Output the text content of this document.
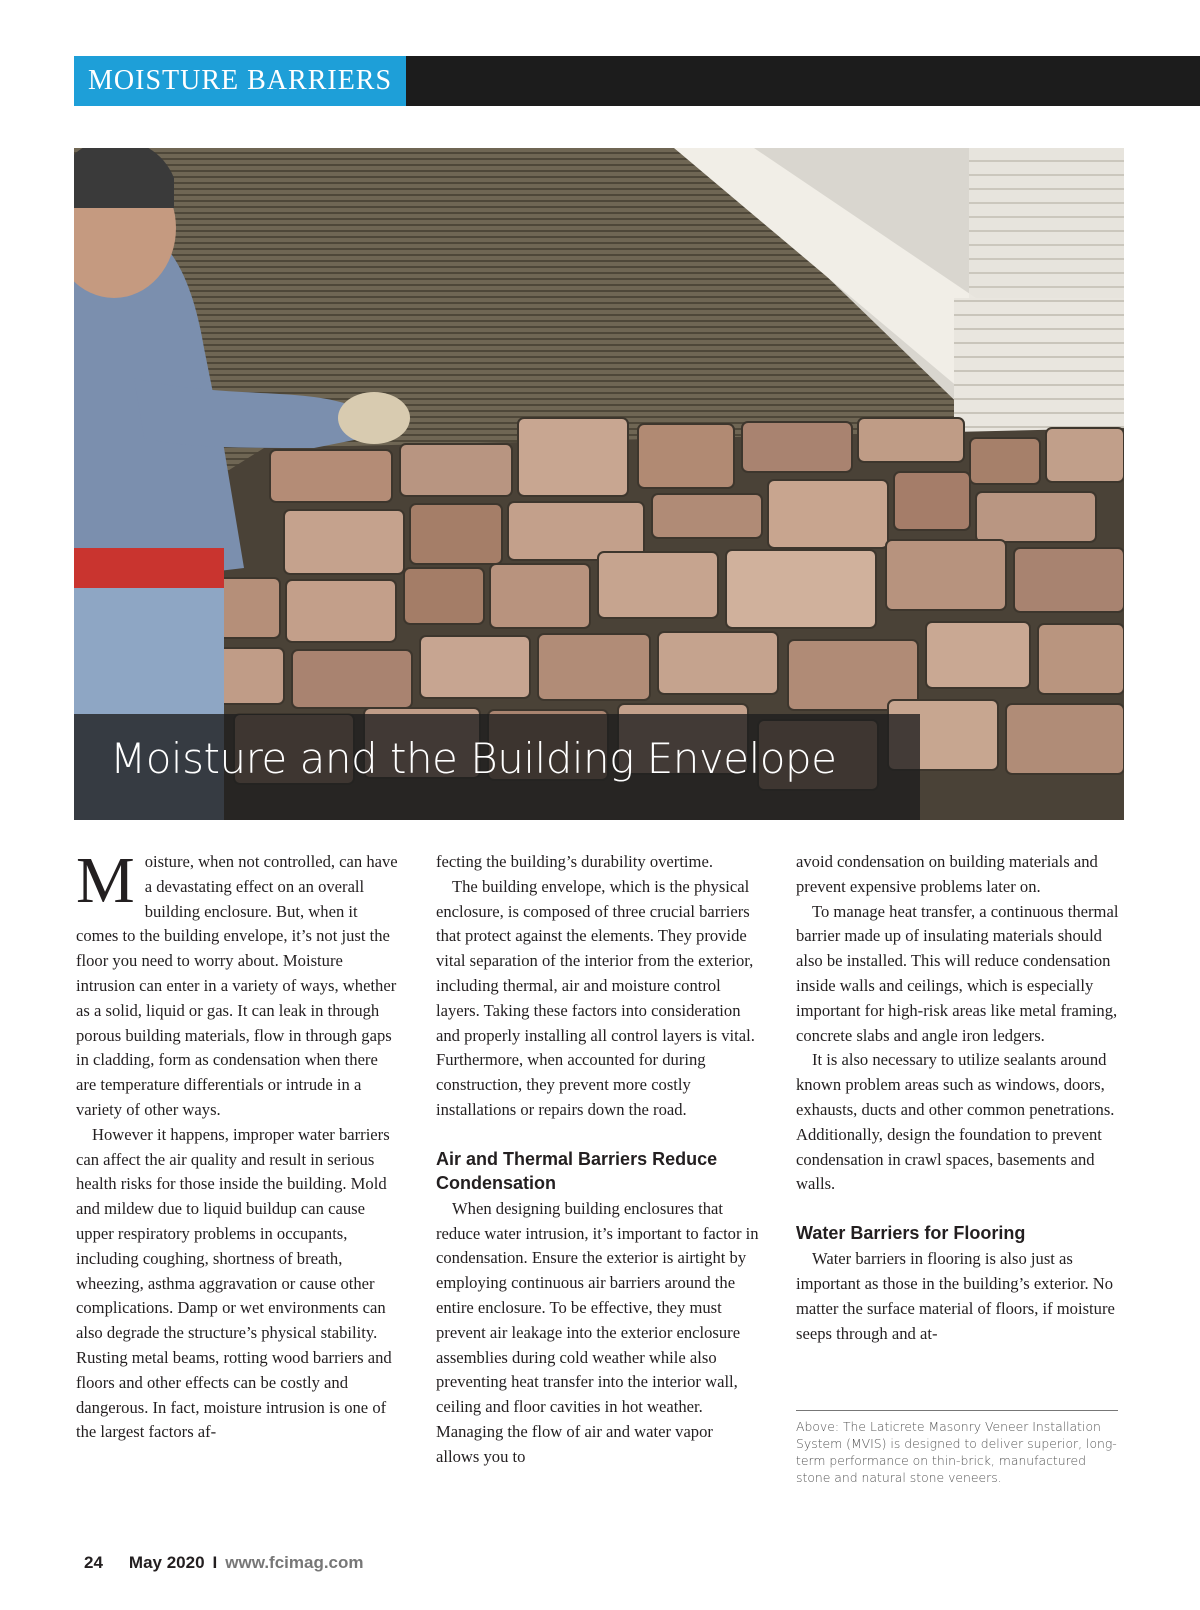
MOISTURE BARRIERS
Moisture and the Building Envelope

Moisture, when not controlled, can have a devastating effect on an overall building enclosure. But, when it comes to the building envelope, it’s not just the floor you need to worry about. Moisture intrusion can enter in a variety of ways, whether as a solid, liquid or gas. It can leak in through porous building materials, flow in through gaps in cladding, form as condensation when there are temperature differentials or intrude in a variety of other ways.

However it happens, improper water barriers can affect the air quality and result in serious health risks for those inside the building. Mold and mildew due to liquid buildup can cause upper respiratory problems in occupants, including coughing, shortness of breath, wheezing, asthma aggravation or cause other complications. Damp or wet environments can also degrade the structure’s physical stability. Rusting metal beams, rotting wood barriers and floors and other effects can be costly and dangerous. In fact, moisture intrusion is one of the largest factors af-

fecting the building’s durability overtime.

The building envelope, which is the physical enclosure, is composed of three crucial barriers that protect against the elements. They provide vital separation of the interior from the exterior, including thermal, air and moisture control layers. Taking these factors into consideration and properly installing all control layers is vital. Furthermore, when accounted for during construction, they prevent more costly installations or repairs down the road.

Air and Thermal Barriers Reduce Condensation

When designing building enclosures that reduce water intrusion, it’s important to factor in condensation. Ensure the exterior is airtight by employing continuous air barriers around the entire enclosure. To be effective, they must prevent air leakage into the exterior enclosure assemblies during cold weather while also preventing heat transfer into the interior wall, ceiling and floor cavities in hot weather. Managing the flow of air and water vapor allows you to

avoid condensation on building materials and prevent expensive problems later on.

To manage heat transfer, a continuous thermal barrier made up of insulating materials should also be installed. This will reduce condensation inside walls and ceilings, which is especially important for high-risk areas like metal framing, concrete slabs and angle iron ledgers.

It is also necessary to utilize sealants around known problem areas such as windows, doors, exhausts, ducts and other common penetrations. Additionally, design the foundation to prevent condensation in crawl spaces, basements and walls.

Water Barriers for Flooring

Water barriers in flooring is also just as important as those in the building’s exterior. No matter the surface material of floors, if moisture seeps through and at-

Above: The Laticrete Masonry Veneer Installation System (MVIS) is designed to deliver superior, long-term performance on thin-brick, manufactured stone and natural stone veneers.
24 May 2020 I www.fcimag.com
